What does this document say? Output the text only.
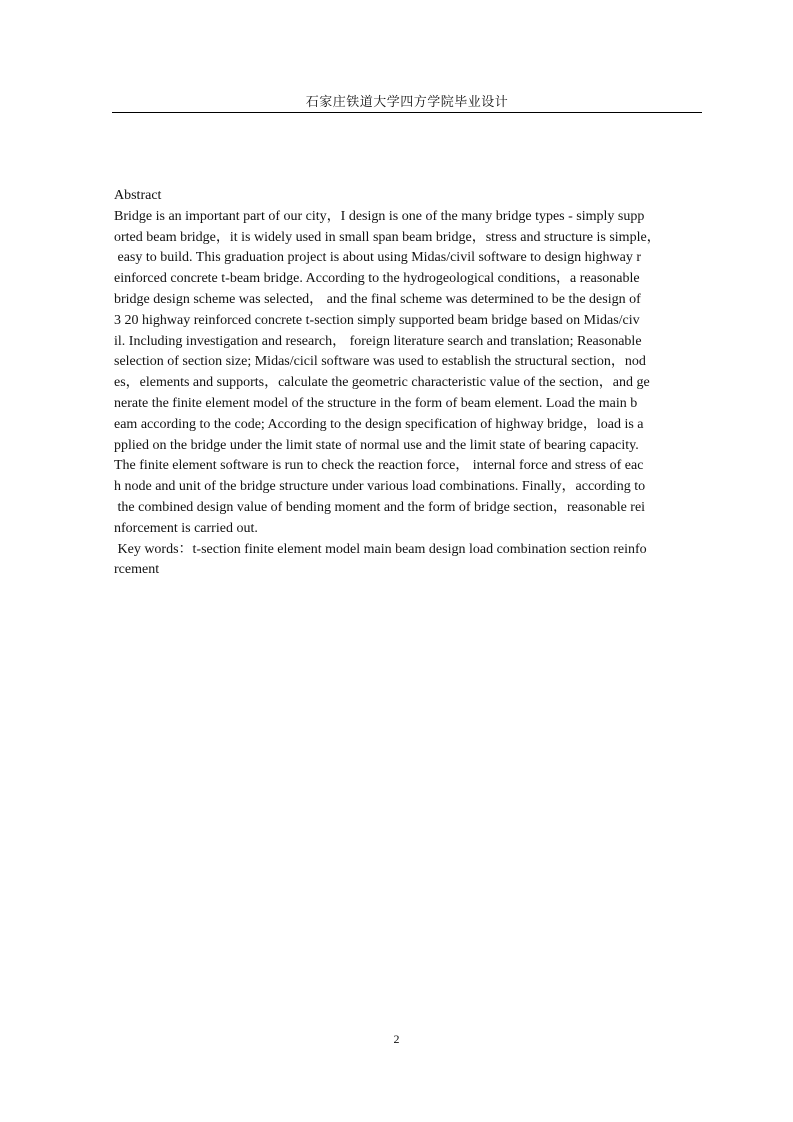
石家庄铁道大学四方学院毕业设计
Abstract
Bridge is an important part of our city，I design is one of the many bridge types - simply supp
orted beam bridge，it is widely used in small span beam bridge，stress and structure is simple，
easy to build. This graduation project is about using Midas/civil software to design highway r
einforced concrete t-beam bridge. According to the hydrogeological conditions，a reasonable
bridge design scheme was selected， and the final scheme was determined to be the design of
3 20 highway reinforced concrete t-section simply supported beam bridge based on Midas/civ
il. Including investigation and research， foreign literature search and translation; Reasonable
selection of section size; Midas/cicil software was used to establish the structural section，nod
es，elements and supports，calculate the geometric characteristic value of the section，and ge
nerate the finite element model of the structure in the form of beam element. Load the main b
eam according to the code; According to the design specification of highway bridge，load is a
pplied on the bridge under the limit state of normal use and the limit state of bearing capacity.
The finite element software is run to check the reaction force， internal force and stress of eac
h node and unit of the bridge structure under various load combinations. Finally，according to
the combined design value of bending moment and the form of bridge section，reasonable rei
nforcement is carried out.
Key words：t-section finite element model main beam design load combination section reinfo
rcement
2
